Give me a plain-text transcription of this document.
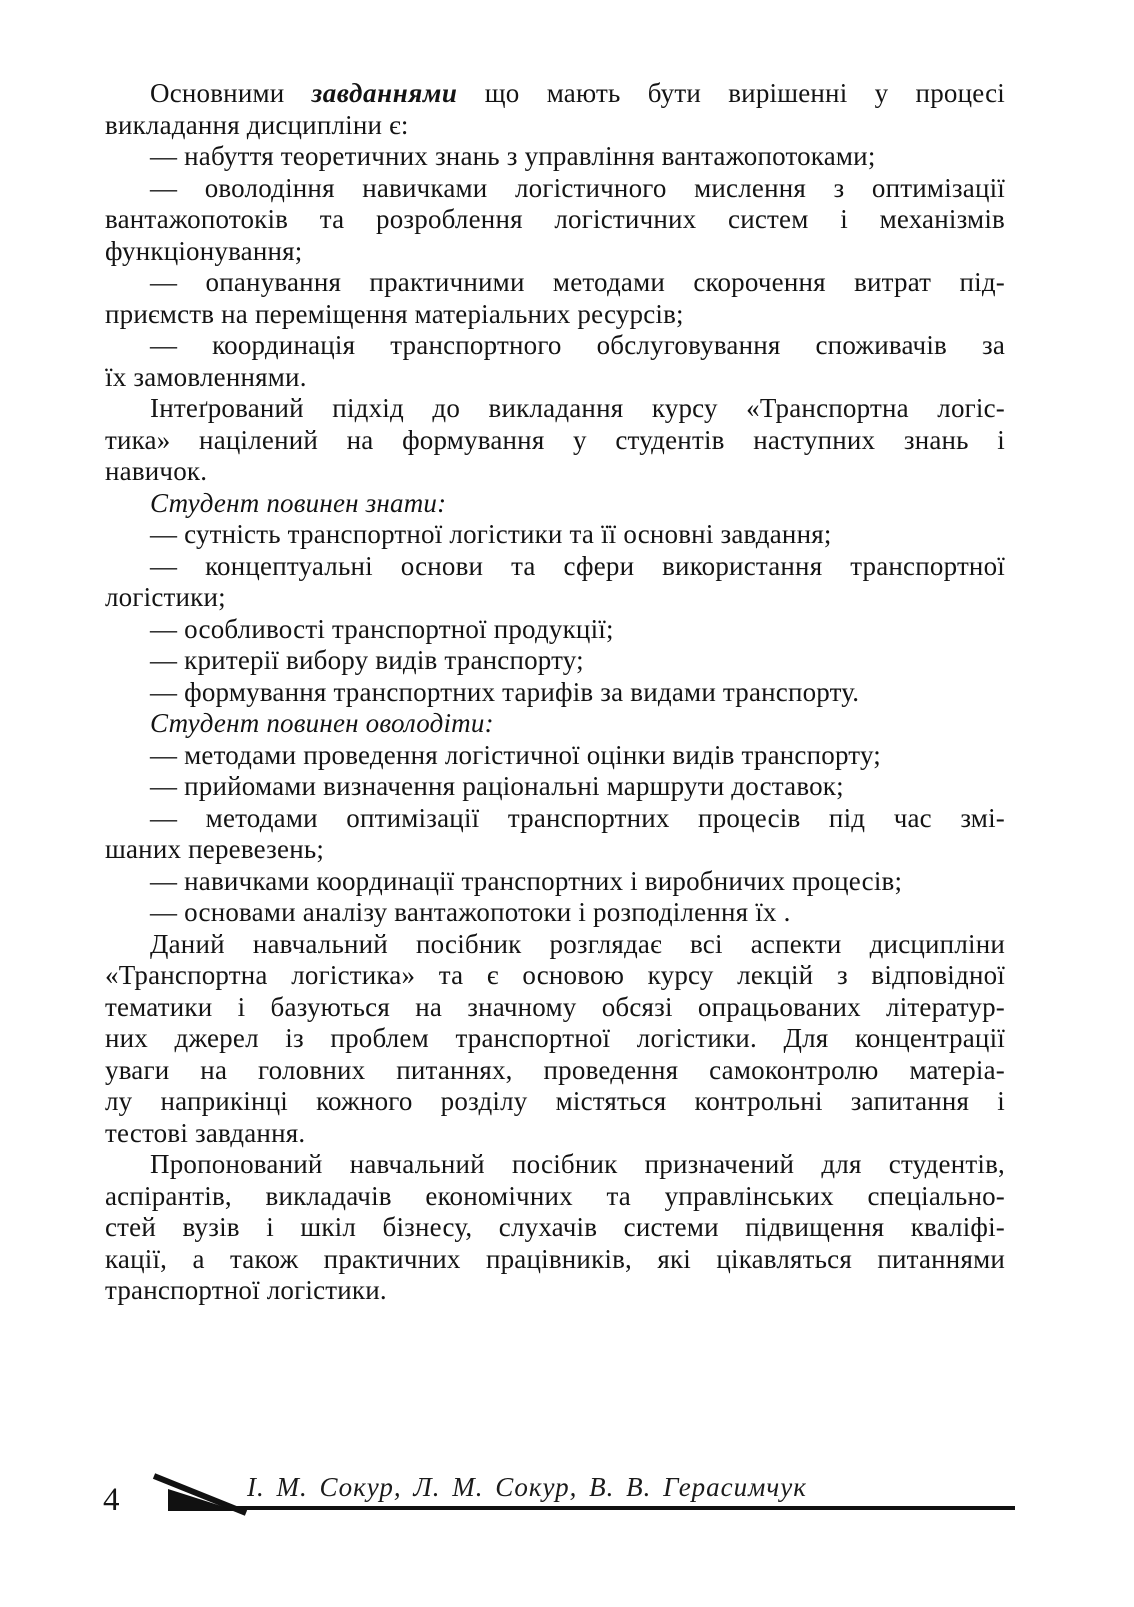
Основними завданнями що мають бути вирішенні у процесі
викладання дисципліни є:
— набуття теоретичних знань з управління вантажопотоками;
— оволодіння навичками логістичного мислення з оптимізації
вантажопотоків та розроблення логістичних систем і механізмів
функціонування;
— опанування практичними методами скорочення витрат під-
приємств на переміщення матеріальних ресурсів;
— координація транспортного обслуговування споживачів за
їх замовленнями.
Інтеґрований підхід до викладання курсу «Транспортна логіс-
тика» націлений на формування у студентів наступних знань і
навичок.
Студент повинен знати:
— сутність транспортної логістики та її основні завдання;
— концептуальні основи та сфери використання транспортної
логістики;
— особливості транспортної продукції;
— критерії вибору видів транспорту;
— формування транспортних тарифів за видами транспорту.
Студент повинен оволодіти:
— методами проведення логістичної оцінки видів транспорту;
— прийомами визначення раціональні маршрути доставок;
— методами оптимізації транспортних процесів під час змі-
шаних перевезень;
— навичками координації транспортних і виробничих процесів;
— основами аналізу вантажопотоки і розподілення їх .
Даний навчальний посібник розглядає всі аспекти дисципліни
«Транспортна логістика» та є основою курсу лекцій з відповідної
тематики і базуються на значному обсязі опрацьованих літератур-
них джерел із проблем транспортної логістики. Для концентрації
уваги на головних питаннях, проведення самоконтролю матеріа-
лу наприкінці кожного розділу містяться контрольні запитання і
тестові завдання.
Пропонований навчальний посібник призначений для студентів,
аспірантів, викладачів економічних та управлінських спеціально-
стей вузів і шкіл бізнесу, слухачів системи підвищення кваліфі-
кації, а також практичних працівників, які цікавляться питаннями
транспортної логістики.
4	І. М. Сокур, Л. М. Сокур, В. В. Герасимчук
